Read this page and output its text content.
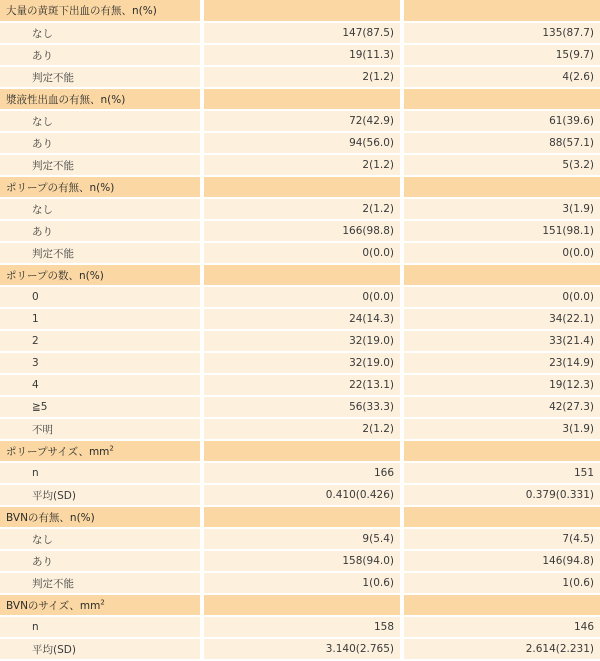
大量の黄斑下出血の有無、n(%)		
なし	147(87.5)	135(87.7)
あり	19(11.3)	15(9.7)
判定不能	2(1.2)	4(2.6)
漿液性出血の有無、n(%)		
なし	72(42.9)	61(39.6)
あり	94(56.0)	88(57.1)
判定不能	2(1.2)	5(3.2)
ポリープの有無、n(%)		
なし	2(1.2)	3(1.9)
あり	166(98.8)	151(98.1)
判定不能	0(0.0)	0(0.0)
ポリープの数、n(%)		
0	0(0.0)	0(0.0)
1	24(14.3)	34(22.1)
2	32(19.0)	33(21.4)
3	32(19.0)	23(14.9)
4	22(13.1)	19(12.3)
≧5	56(33.3)	42(27.3)
不明	2(1.2)	3(1.9)
ポリープサイズ、$mm^2$		
n	166	151
平均(SD)	0.410(0.426)	0.379(0.331)
BVNの有無、n(%)		
なし	9(5.4)	7(4.5)
あり	158(94.0)	146(94.8)
判定不能	1(0.6)	1(0.6)
BVNのサイズ、$mm^2$		
n	158	146
平均(SD)	3.140(2.765)	2.614(2.231)
